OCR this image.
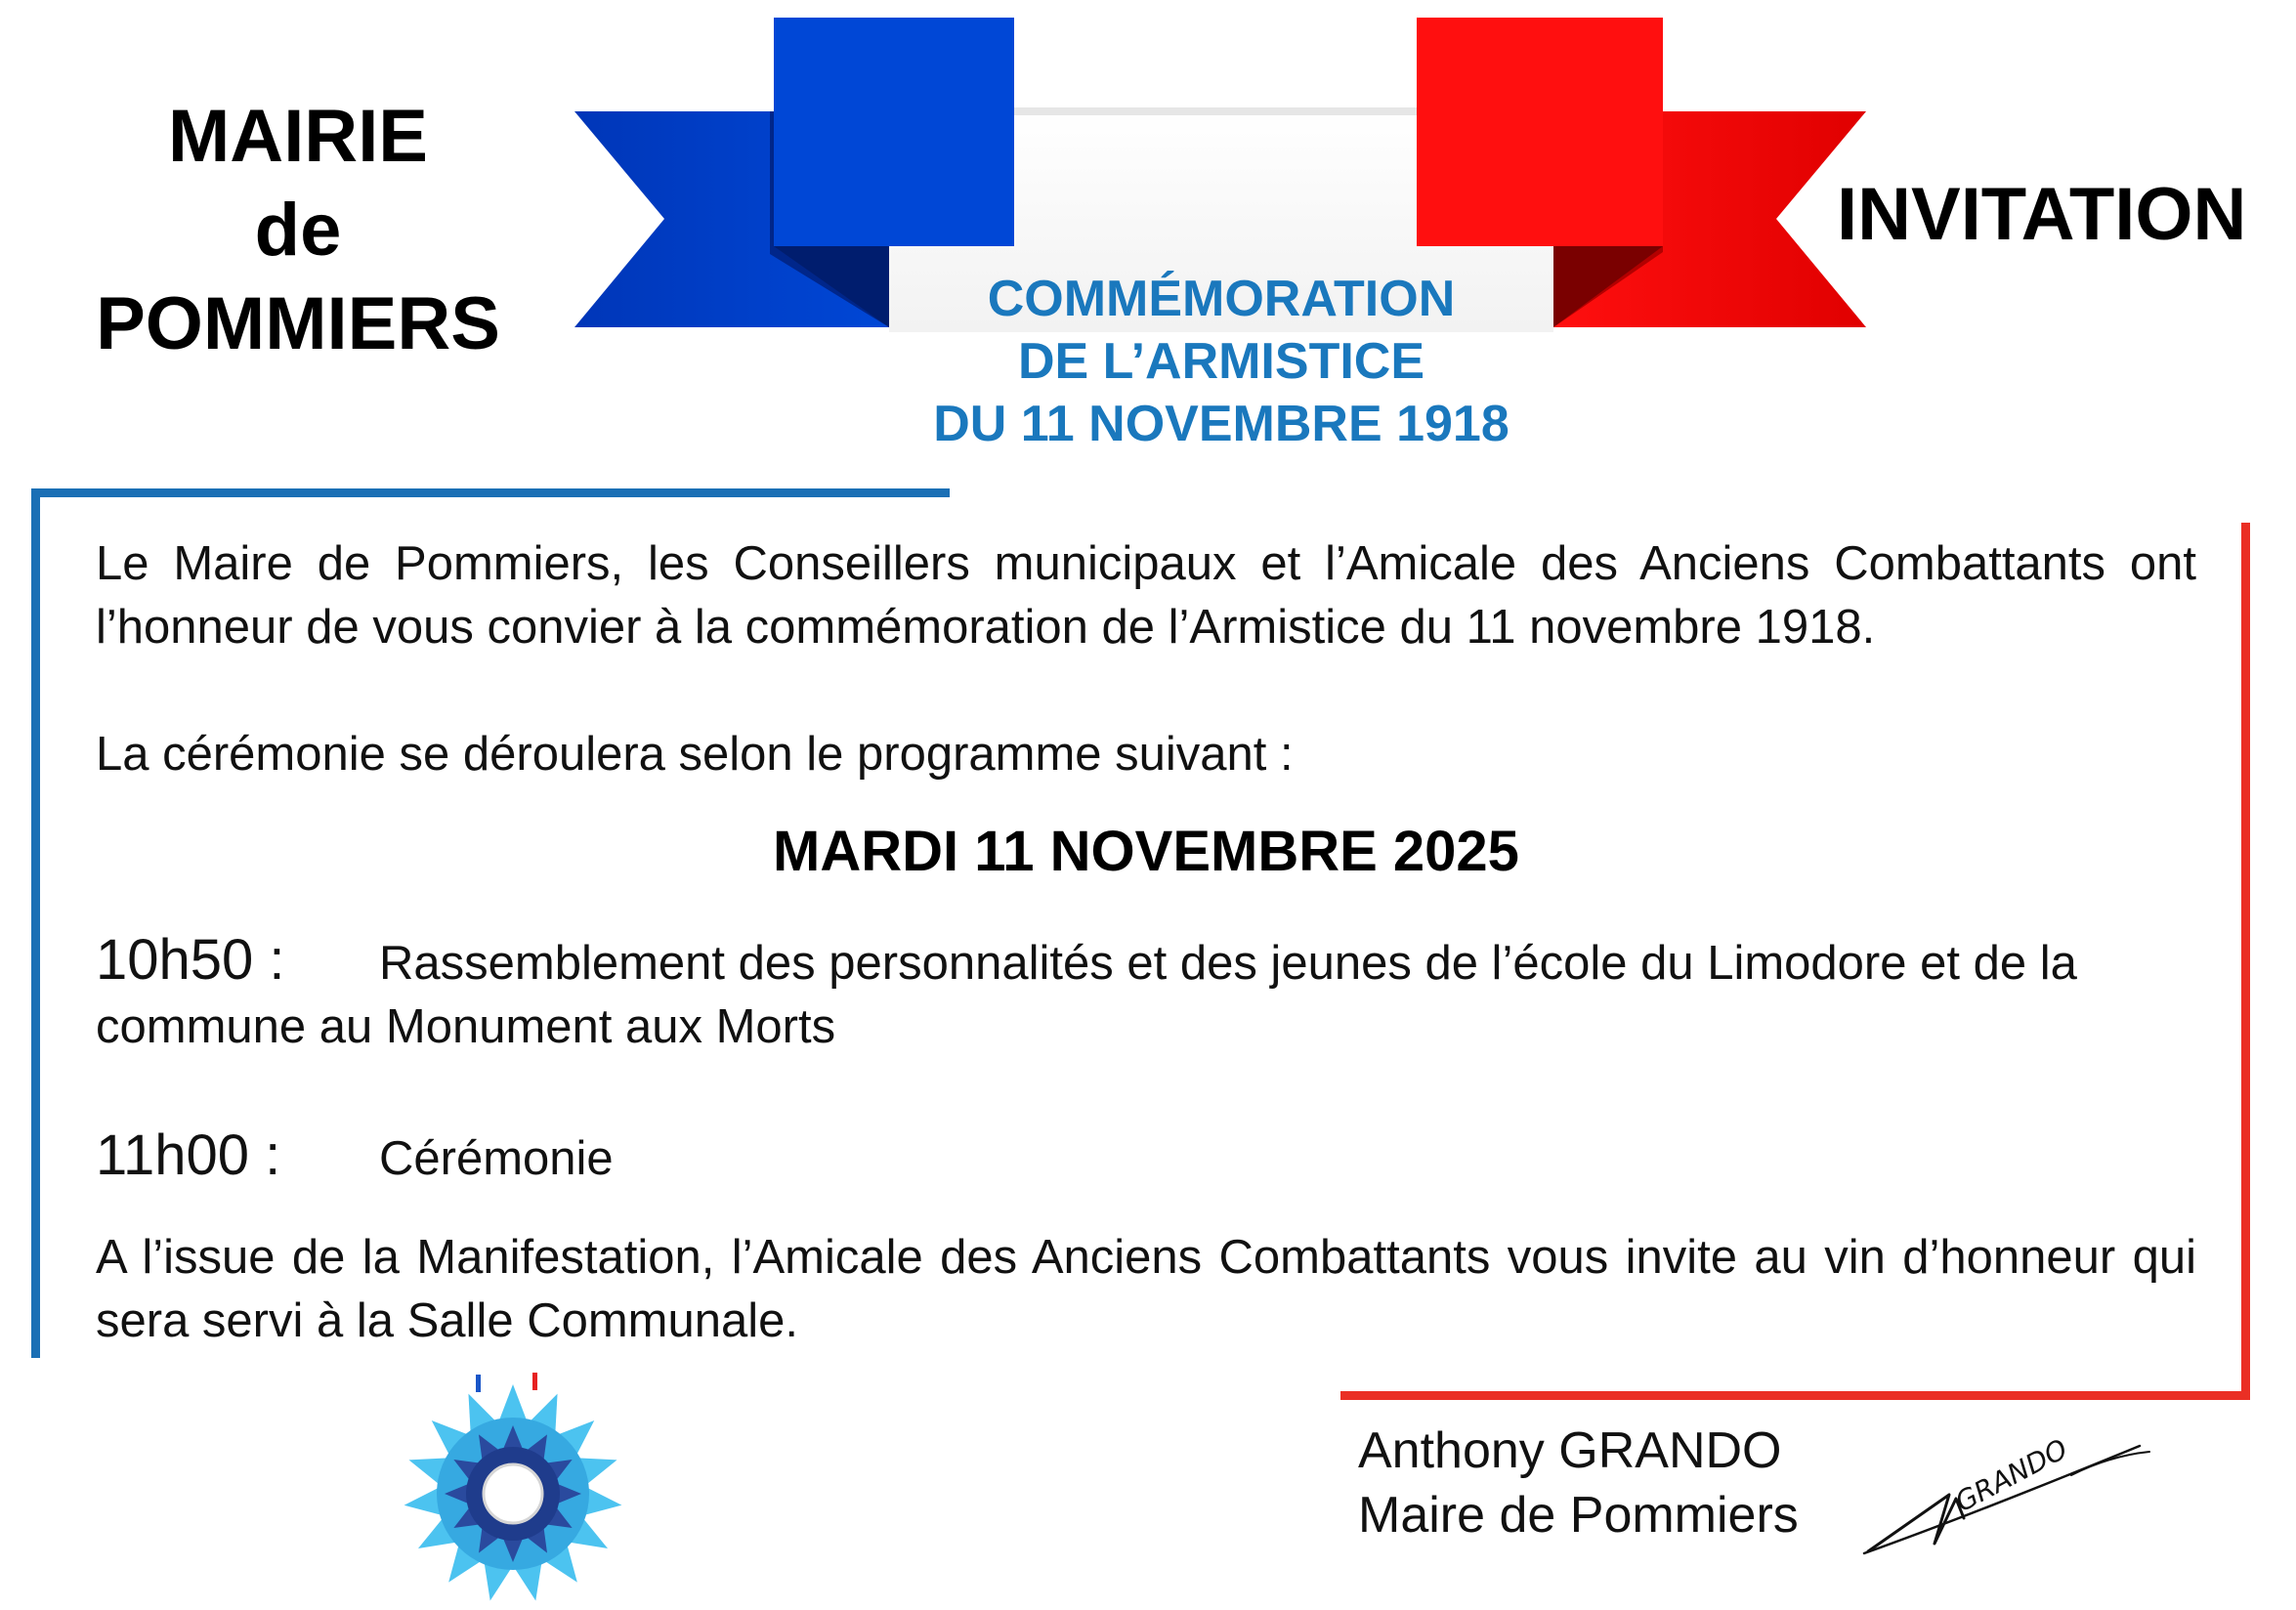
MAIRIE
de
POMMIERS
INVITATION
COMMÉMORATION
DE L’ARMISTICE
DU 11 NOVEMBRE 1918
Le Maire de Pommiers, les Conseillers municipaux et l’Amicale des Anciens Combattants ont l’honneur de vous convier à la commémoration de l’Armistice du 11 novembre 1918.
La cérémonie se déroulera selon le programme suivant :
MARDI 11 NOVEMBRE 2025
10h50 : Rassemblement des personnalités et des jeunes de l’école du Limodore et de la commune au Monument aux Morts
11h00 : Cérémonie
A l’issue de la Manifestation, l’Amicale des Anciens Combattants vous invite au vin d’honneur qui sera servi à la Salle Communale.
Anthony GRANDO
Maire de Pommiers	GRANDO
